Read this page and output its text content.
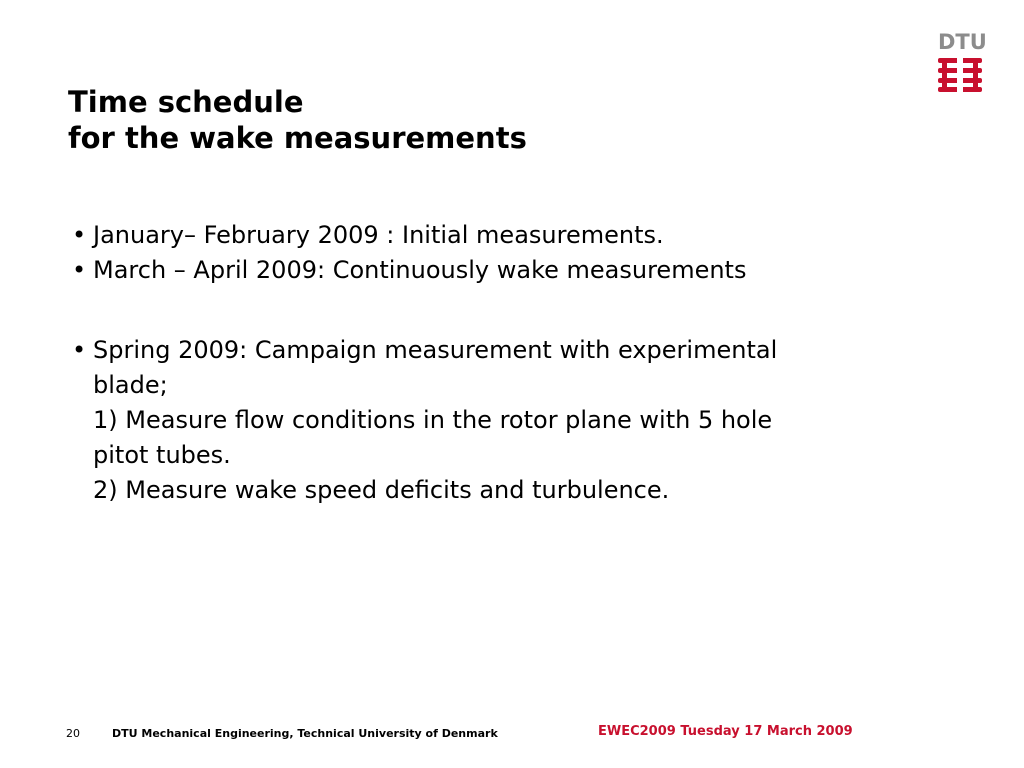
DTU
Time schedule
for the wake measurements
• January– February 2009 : Initial measurements.
• March – April 2009: Continuously wake measurements
• Spring 2009: Campaign measurement with experimental
blade;
1) Measure flow conditions in the rotor plane with 5 hole
pitot tubes.
2) Measure wake speed deficits and turbulence.
20	DTU Mechanical Engineering, Technical University of Denmark	EWEC2009 Tuesday 17 March 2009
